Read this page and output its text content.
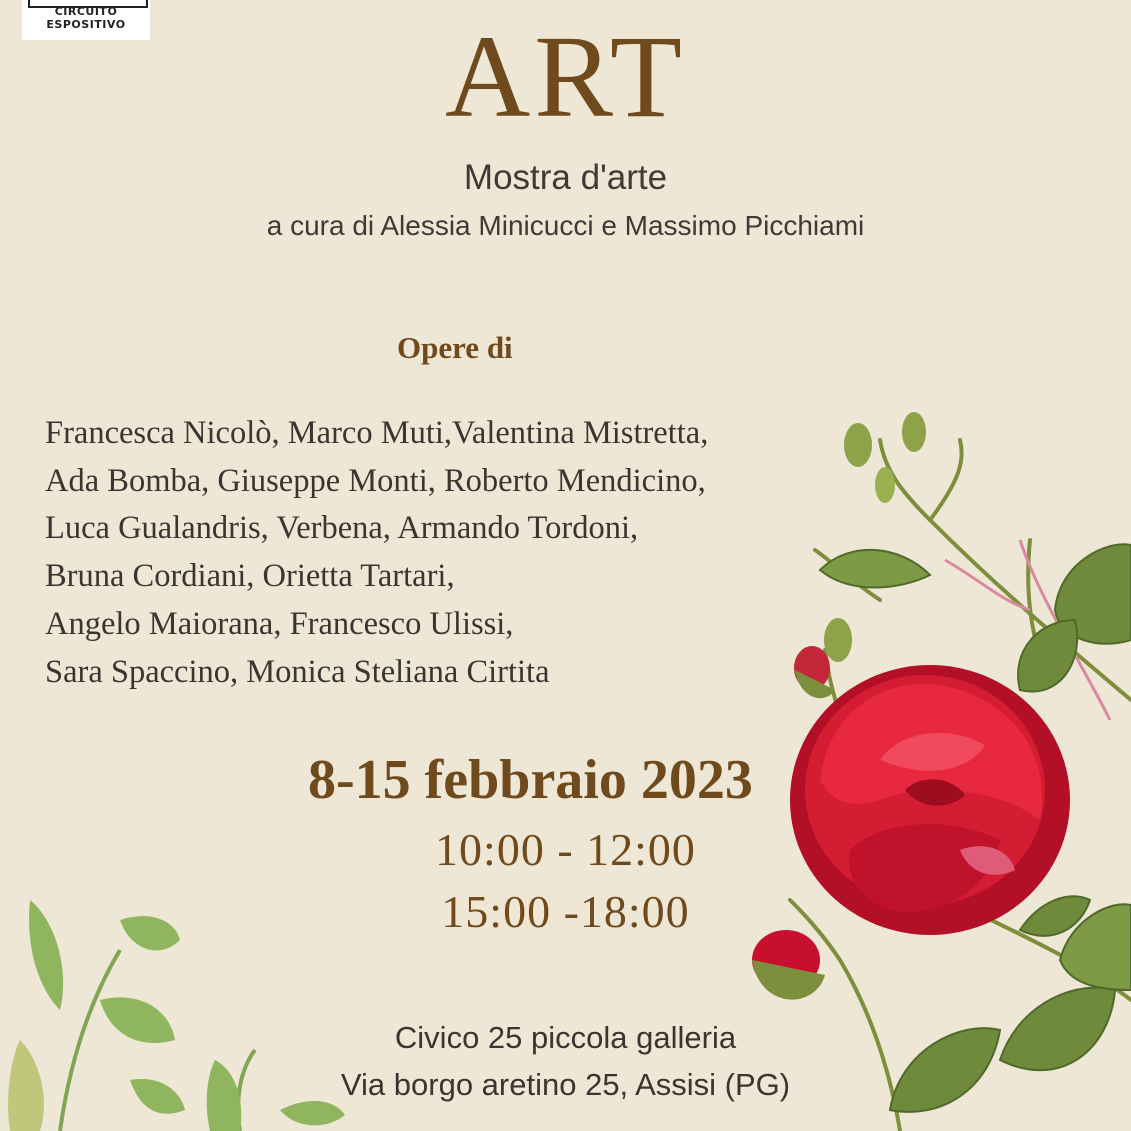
CIRCUITO
ESPOSITIVO	ART
Mostra d'arte
a cura di Alessia Minicucci e Massimo Picchiami
Opere di
Francesca Nicolò, Marco Muti,Valentina Mistretta,
Ada Bomba, Giuseppe Monti, Roberto Mendicino,
Luca Gualandris, Verbena, Armando Tordoni,
Bruna Cordiani, Orietta Tartari,
Angelo Maiorana, Francesco Ulissi,
Sara Spaccino, Monica Steliana Cirtita
8-15 febbraio 2023
10:00 - 12:00
15:00 -18:00
Civico 25 piccola galleria
Via borgo aretino 25, Assisi (PG)
